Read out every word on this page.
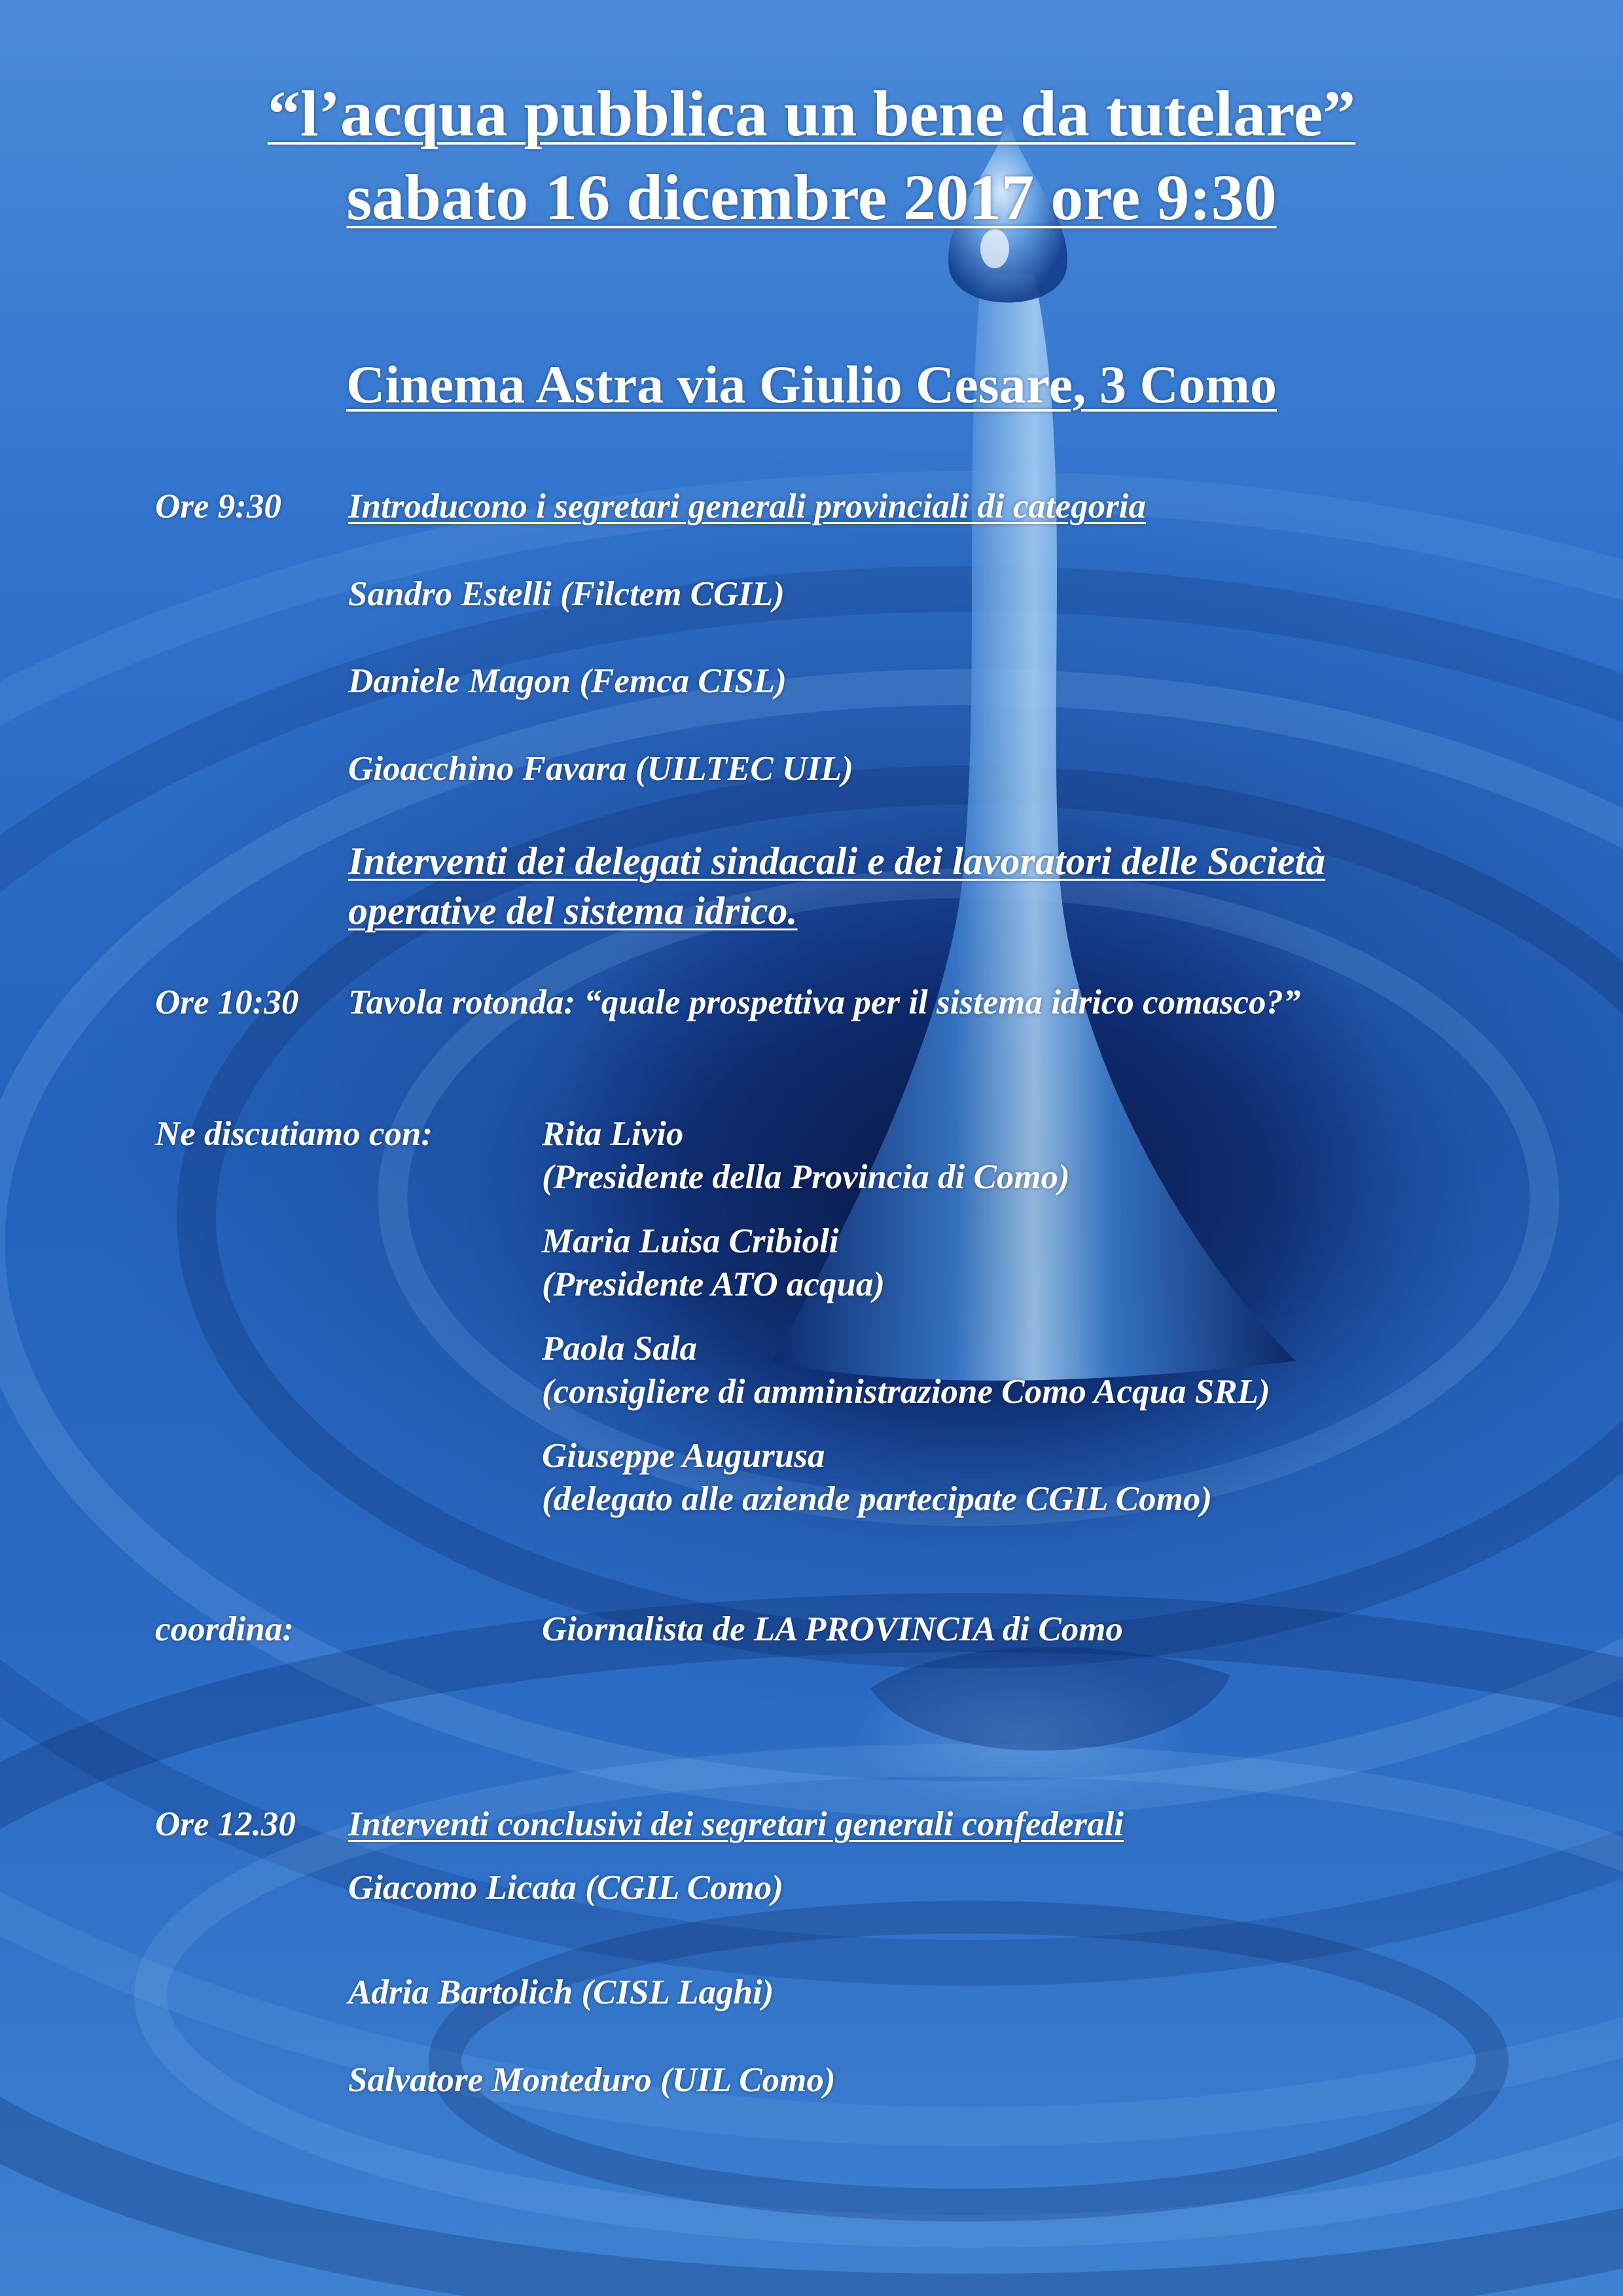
“l’acqua pubblica un bene da tutelare”
sabato 16 dicembre 2017 ore 9:30
Cinema Astra via Giulio Cesare, 3 Como
Ore 9:30 Introducono i segretari generali provinciali di categoria
Sandro Estelli (Filctem CGIL)
Daniele Magon (Femca CISL)
Gioacchino Favara (UILTEC UIL)
Interventi dei delegati sindacali e dei lavoratori delle Società
operative del sistema idrico.
Ore 10:30 Tavola rotonda: “quale prospettiva per il sistema idrico comasco?”
Ne discutiamo con:	Rita Livio
(Presidente della Provincia di Como)
Maria Luisa Cribioli
(Presidente ATO acqua)
Paola Sala
(consigliere di amministrazione Como Acqua SRL)
Giuseppe Augurusa
(delegato alle aziende partecipate CGIL Como)
coordina:	Giornalista de LA PROVINCIA di Como
Ore 12.30 Interventi conclusivi dei segretari generali confederali
Giacomo Licata (CGIL Como)
Adria Bartolich (CISL Laghi)
Salvatore Monteduro (UIL Como)
